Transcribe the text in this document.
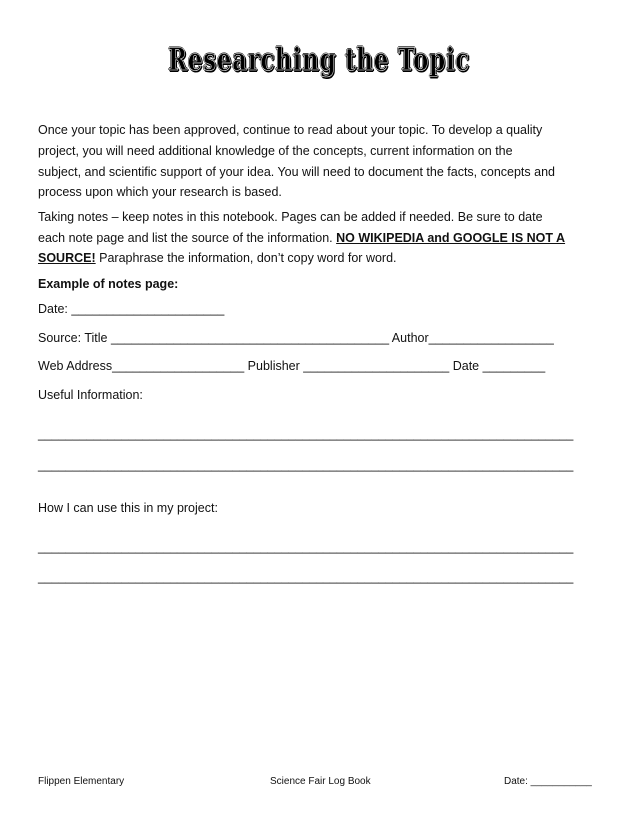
Researching the Topic
Once your topic has been approved, continue to read about your topic. To develop a quality
project, you will need additional knowledge of the concepts, current information on the
subject, and scientific support of your idea. You will need to document the facts, concepts and
process upon which your research is based.
Taking notes – keep notes in this notebook. Pages can be added if needed. Be sure to date
each note page and list the source of the information. NO WIKIPEDIA and GOOGLE IS NOT A
SOURCE! Paraphrase the information, don’t copy word for word.
Example of notes page:
Date: ______________________
Source: Title ________________________________________ Author__________________
Web Address___________________ Publisher _____________________ Date _________
Useful Information:
_____________________________________________________________________________
_____________________________________________________________________________
How I can use this in my project:
_____________________________________________________________________________
_____________________________________________________________________________
Flippen Elementary	Science Fair Log Book	Date: ___________
